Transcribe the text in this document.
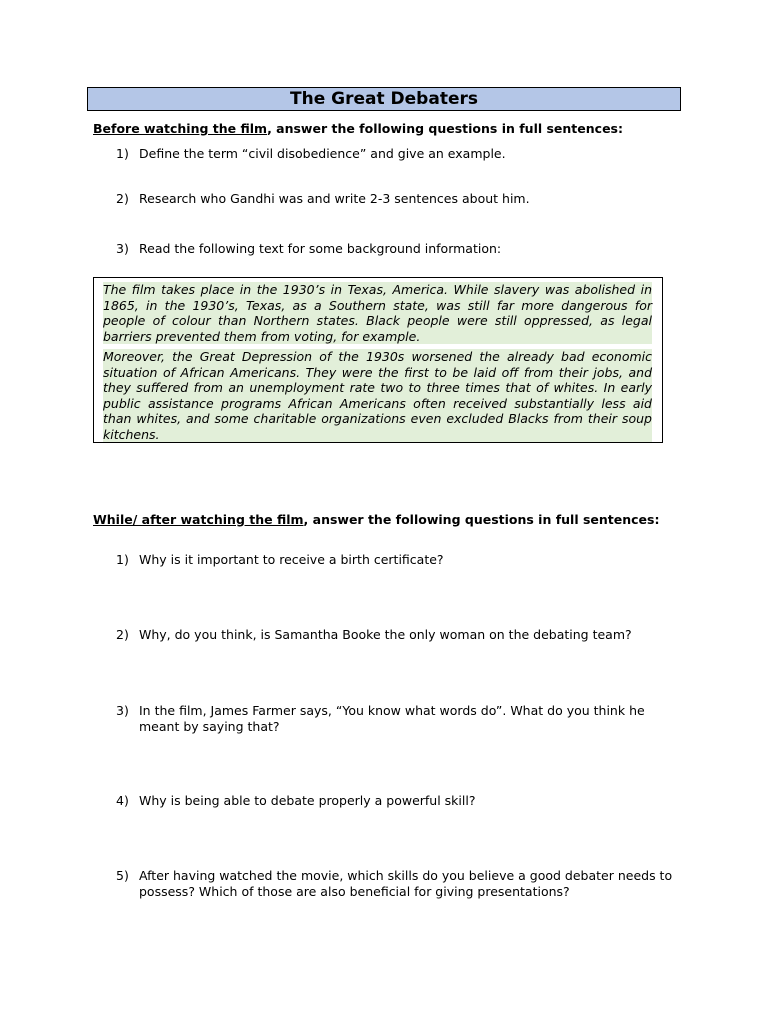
The Great Debaters

Before watching the film, answer the following questions in full sentences:

1) Define the term “civil disobedience” and give an example.
2) Research who Gandhi was and write 2-3 sentences about him.
3) Read the following text for some background information:

The film takes place in the 1930’s in Texas, America. While slavery was abolished in 1865, in the 1930’s, Texas, as a Southern state, was still far more dangerous for people of colour than Northern states. Black people were still oppressed, as legal barriers prevented them from voting, for example.

Moreover, the Great Depression of the 1930s worsened the already bad economic situation of African Americans. They were the first to be laid off from their jobs, and they suffered from an unemployment rate two to three times that of whites. In early public assistance programs African Americans often received substantially less aid than whites, and some charitable organizations even excluded Blacks from their soup kitchens.

While/ after watching the film, answer the following questions in full sentences:

1) Why is it important to receive a birth certificate?
2) Why, do you think, is Samantha Booke the only woman on the debating team?
3) In the film, James Farmer says, “You know what words do”. What do you think he meant by saying that?
4) Why is being able to debate properly a powerful skill?
5) After having watched the movie, which skills do you believe a good debater needs to possess? Which of those are also beneficial for giving presentations?
